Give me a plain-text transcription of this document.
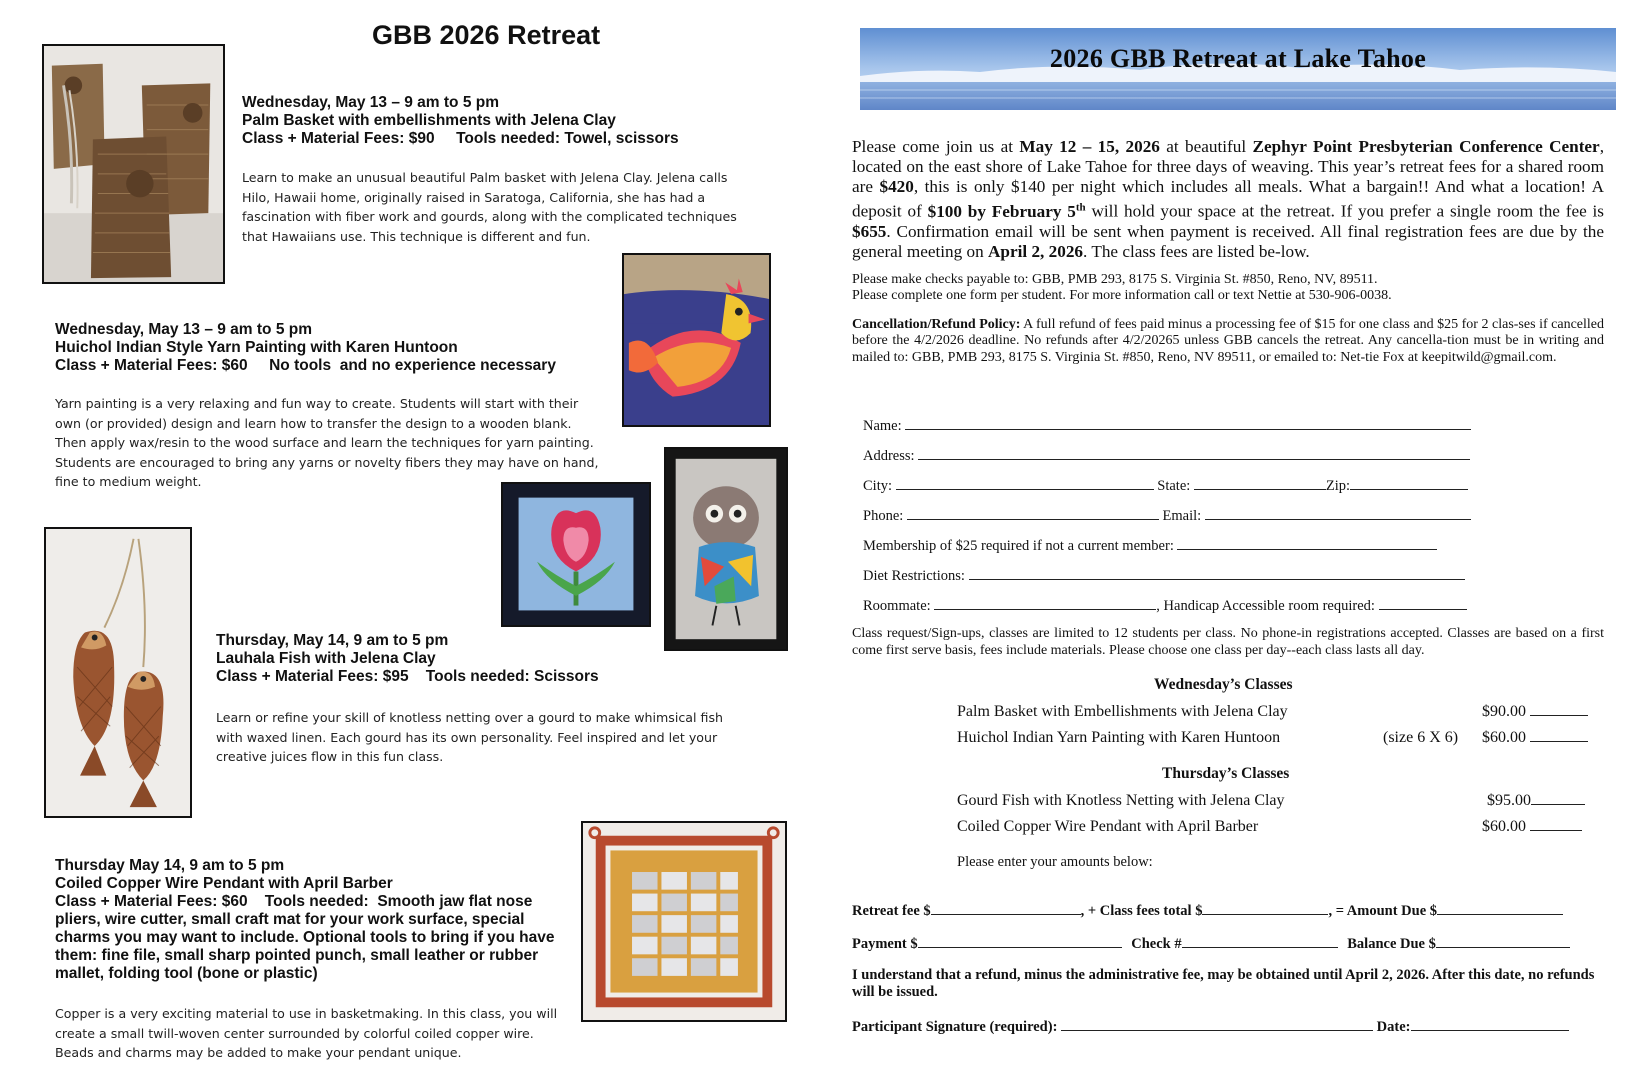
GBB 2026 Retreat
Wednesday, May 13 – 9 am to 5 pm
Palm Basket with embellishments with Jelena Clay
Class + Material Fees: $90     Tools needed: Towel, scissors
Learn to make an unusual beautiful Palm basket with Jelena Clay. Jelena calls
Hilo, Hawaii home, originally raised in Saratoga, California, she has had a
fascination with fiber work and gourds, along with the complicated techniques
that Hawaiians use. This technique is different and fun.
Wednesday, May 13 – 9 am to 5 pm
Huichol Indian Style Yarn Painting with Karen Huntoon
Class + Material Fees: $60     No tools  and no experience necessary
Yarn painting is a very relaxing and fun way to create. Students will start with their
own (or provided) design and learn how to transfer the design to a wooden blank.
Then apply wax/resin to the wood surface and learn the techniques for yarn painting.
Students are encouraged to bring any yarns or novelty fibers they may have on hand,
fine to medium weight.
Thursday, May 14, 9 am to 5 pm
Lauhala Fish with Jelena Clay
Class + Material Fees: $95    Tools needed: Scissors
Learn or refine your skill of knotless netting over a gourd to make whimsical fish
with waxed linen. Each gourd has its own personality. Feel inspired and let your
creative juices flow in this fun class.
Thursday May 14, 9 am to 5 pm
Coiled Copper Wire Pendant with April Barber
Class + Material Fees: $60    Tools needed:  Smooth jaw flat nose
pliers, wire cutter, small craft mat for your work surface, special
charms you may want to include. Optional tools to bring if you have
them: fine file, small sharp pointed punch, small leather or rubber
mallet, folding tool (bone or plastic)
Copper is a very exciting material to use in basketmaking. In this class, you will
create a small twill-woven center surrounded by colorful coiled copper wire.
Beads and charms may be added to make your pendant unique.
2026 GBB Retreat at Lake Tahoe

Please come join us at May 12 – 15, 2026 at beautiful Zephyr Point Presbyterian Conference Center, located on the east shore of Lake Tahoe for three days of weaving. This year’s retreat fees for a shared room are $420, this is only $140 per night which includes all meals. What a bargain!! And what a location! A deposit of $100 by February 5th will hold your space at the retreat. If you prefer a single room the fee is $655. Confirmation email will be sent when payment is received. All final registration fees are due by the general meeting on April 2, 2026. The class fees are listed be-low.

Please make checks payable to: GBB, PMB 293, 8175 S. Virginia St. #850, Reno, NV, 89511.
Please complete one form per student. For more information call or text Nettie at 530-906-0038.

Cancellation/Refund Policy: A full refund of fees paid minus a processing fee of $15 for one class and $25 for 2 clas-ses if cancelled before the 4/2/2026 deadline. No refunds after 4/2/20265 unless GBB cancels the retreat. Any cancella-tion must be in writing and mailed to: GBB, PMB 293, 8175 S. Virginia St. #850, Reno, NV 89511, or emailed to: Net-tie Fox at keepitwild@gmail.com.

Name:
Address:
City:	State:	Zip:
Phone:	Email:
Membership of $25 required if not a current member:
Diet Restrictions:
Roommate:	, Handicap Accessible room required:
Class request/Sign-ups, classes are limited to 12 students per class. No phone-in registrations accepted. Classes are based on a first come first serve basis, fees include materials. Please choose one class per day--each class lasts all day.
Wednesday’s Classes
Palm Basket with Embellishments with Jelena Clay	$90.00
Huichol Indian Yarn Painting with Karen Huntoon	(size 6 X 6) $60.00
Thursday’s Classes
Gourd Fish with Knotless Netting with Jelena Clay	$95.00
Coiled Copper Wire Pendant with April Barber	$60.00
Please enter your amounts below:
Retreat fee $	, + Class fees total $	, = Amount Due $
Payment $	Check #	Balance Due $
I understand that a refund, minus the administrative fee, may be obtained until April 2, 2026. After this date, no refunds will be issued.
Participant Signature (required):	Date:
